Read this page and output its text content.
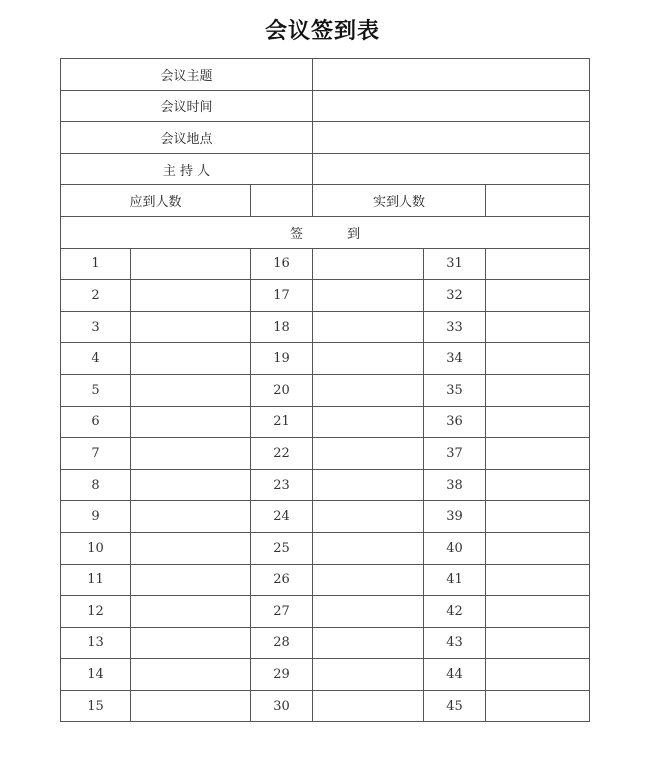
会议签到表
会议主题					
会议时间					
会议地点					
主 持 人					
应到人数			实到人数		
签 到					
1		16		31	
2		17		32	
3		18		33	
4		19		34	
5		20		35	
6		21		36	
7		22		37	
8		23		38	
9		24		39	
10		25		40	
11		26		41	
12		27		42	
13		28		43	
14		29		44	
15		30		45	
